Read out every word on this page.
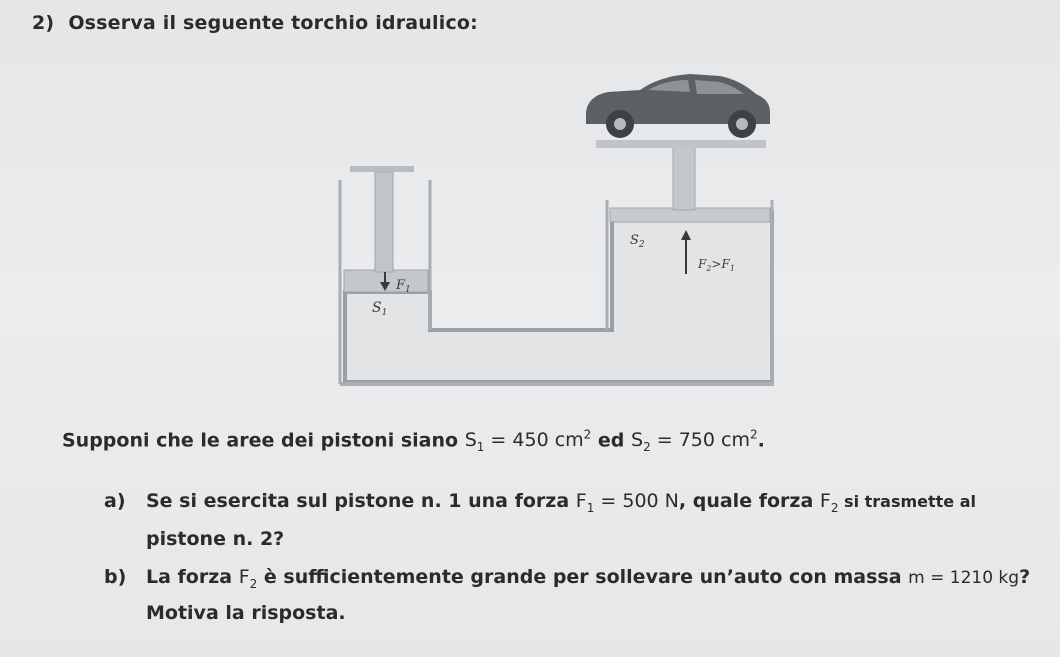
2) Osserva il seguente torchio idraulico:
$F_1$
$S_1$
$S_2$
$F_2>F_1$
Supponi che le aree dei pistoni siano $S_1 = 450$ $cm^2$ ed $S_2 = 750$ $cm^2$.
a) Se si esercita sul pistone n. 1 una forza $F_1 = 500$ N, quale forza $F_2$ si trasmette al
pistone n. 2?
b) La forza $F_2$ è sufficientemente grande per sollevare un’auto con massa m = 1210 kg?
Motiva la risposta.
